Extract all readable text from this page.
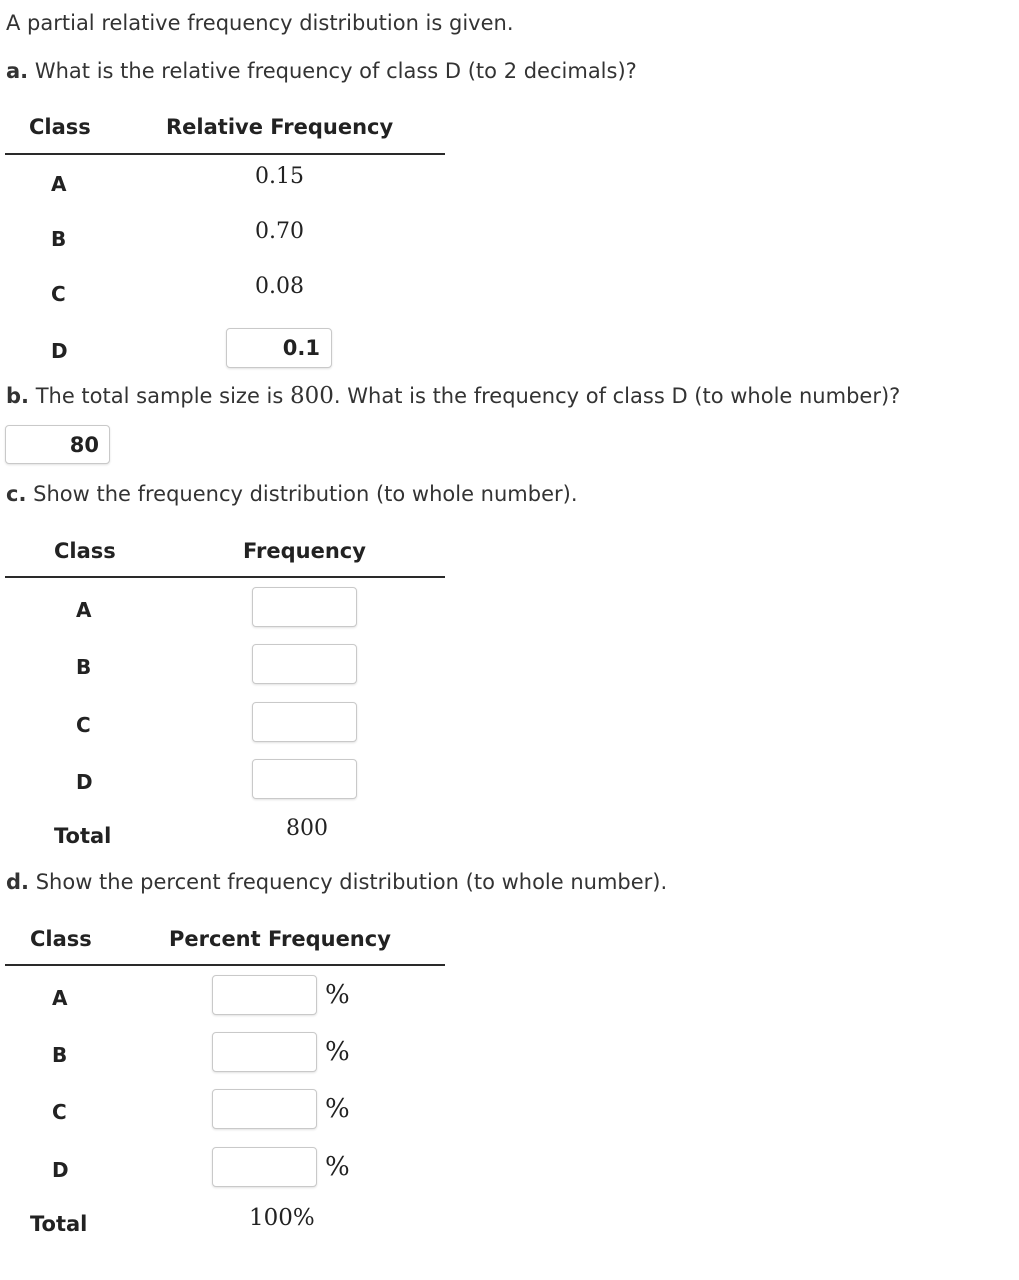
A partial relative frequency distribution is given.
a. What is the relative frequency of class D (to 2 decimals)?
Class	Relative Frequency
A	0.15
B	0.70
C	0.08
D	0.1
b. The total sample size is 800. What is the frequency of class D (to whole number)?
80
c. Show the frequency distribution (to whole number).
Class	Frequency
A
B
C
D
Total	800
d. Show the percent frequency distribution (to whole number).
Class	Percent Frequency
A	%
B	%
C	%
D	%
Total	100%
